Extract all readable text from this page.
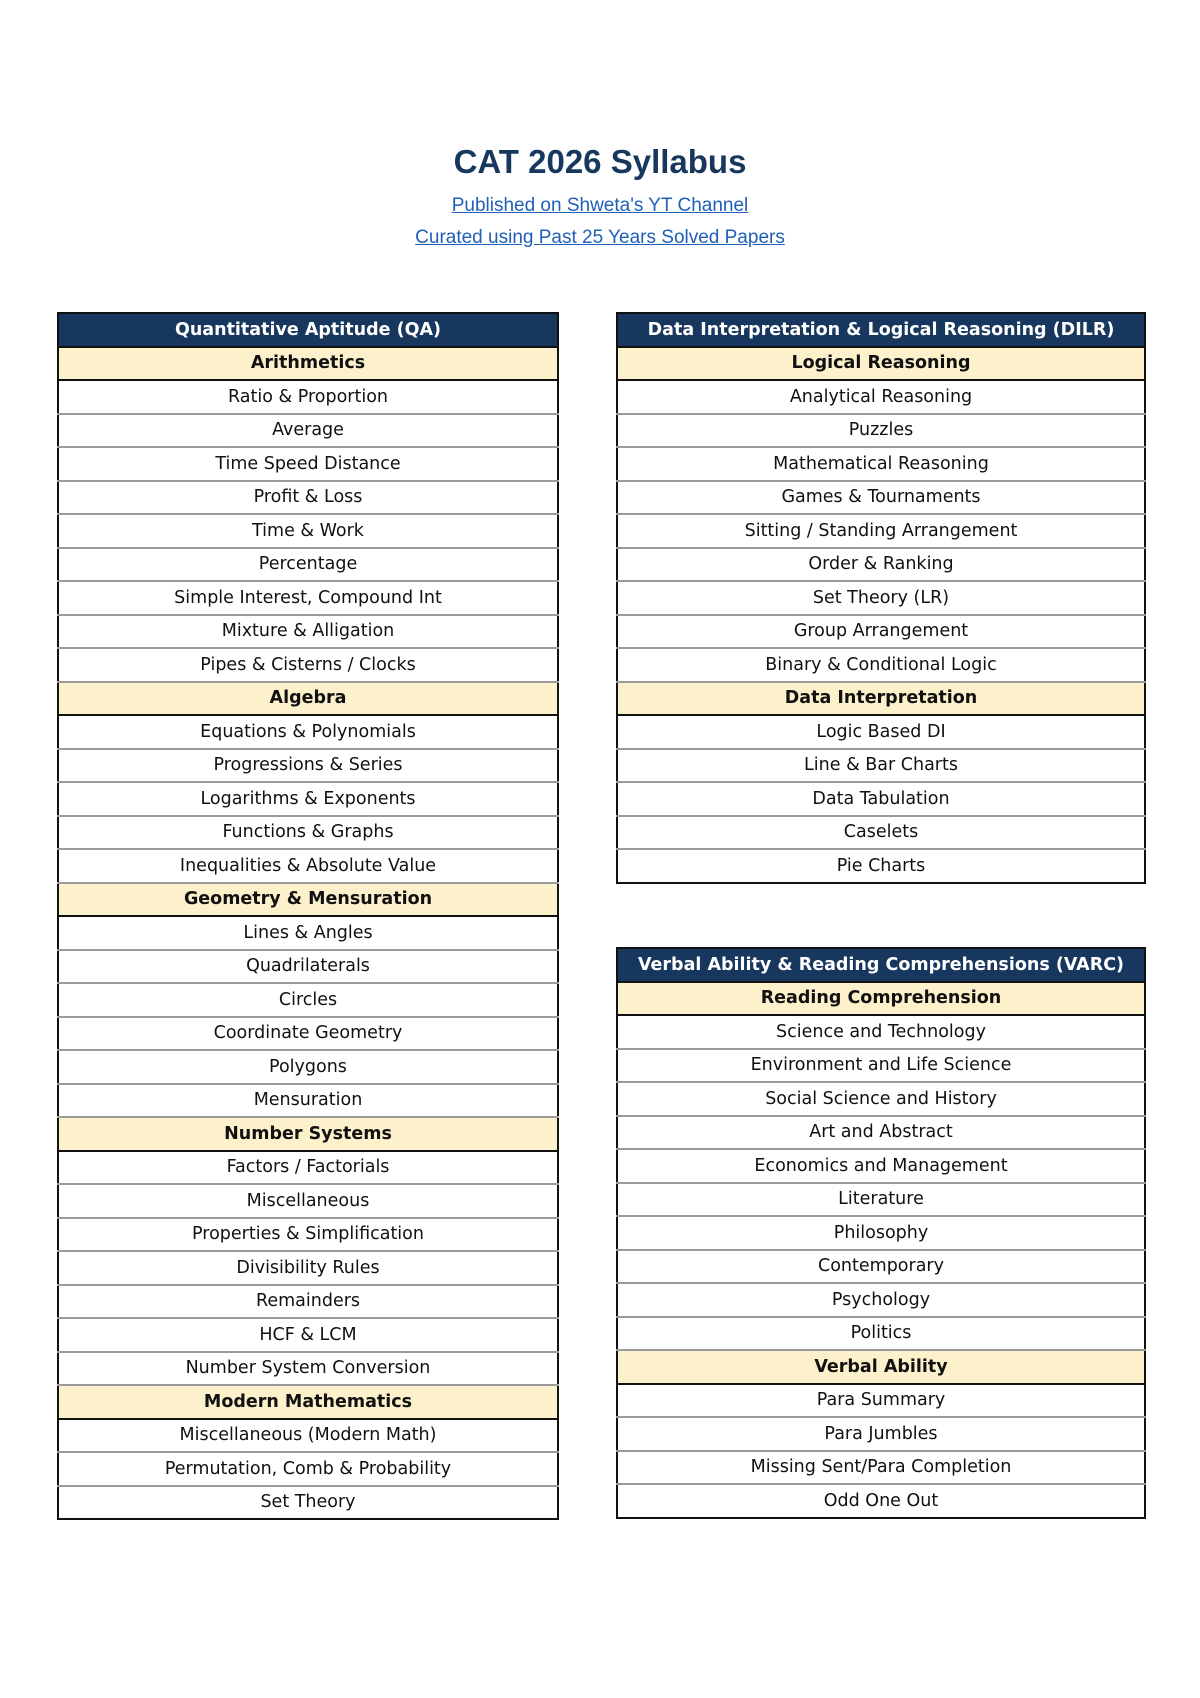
CAT 2026 Syllabus
Published on Shweta's YT Channel
Curated using Past 25 Years Solved Papers
Quantitative Aptitude (QA)
Arithmetics
Ratio & Proportion
Average
Time Speed Distance
Profit & Loss
Time & Work
Percentage
Simple Interest, Compound Int
Mixture & Alligation
Pipes & Cisterns / Clocks
Algebra
Equations & Polynomials
Progressions & Series
Logarithms & Exponents
Functions & Graphs
Inequalities & Absolute Value
Geometry & Mensuration
Lines & Angles
Quadrilaterals
Circles
Coordinate Geometry
Polygons
Mensuration
Number Systems
Factors / Factorials
Miscellaneous
Properties & Simplification
Divisibility Rules
Remainders
HCF & LCM
Number System Conversion
Modern Mathematics
Miscellaneous (Modern Math)
Permutation, Comb & Probability
Set Theory
Data Interpretation & Logical Reasoning (DILR)
Logical Reasoning
Analytical Reasoning
Puzzles
Mathematical Reasoning
Games & Tournaments
Sitting / Standing Arrangement
Order & Ranking
Set Theory (LR)
Group Arrangement
Binary & Conditional Logic
Data Interpretation
Logic Based DI
Line & Bar Charts
Data Tabulation
Caselets
Pie Charts
Verbal Ability & Reading Comprehensions (VARC)
Reading Comprehension
Science and Technology
Environment and Life Science
Social Science and History
Art and Abstract
Economics and Management
Literature
Philosophy
Contemporary
Psychology
Politics
Verbal Ability
Para Summary
Para Jumbles
Missing Sent/Para Completion
Odd One Out
